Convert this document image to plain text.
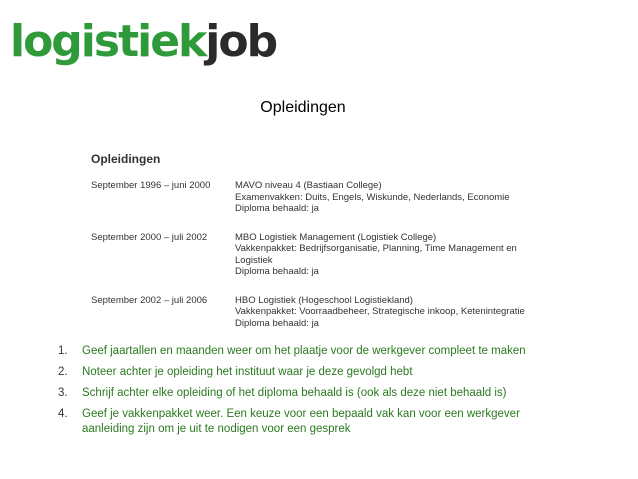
logistiekjob
Opleidingen
Opleidingen
September 1996 – juni 2000	MAVO niveau 4 (Bastiaan College)
Examenvakken: Duits, Engels, Wiskunde, Nederlands, Economie
Diploma behaald: ja
September 2000 – juli 2002	MBO Logistiek Management (Logistiek College)
Vakkenpakket: Bedrijfsorganisatie, Planning, Time Management en Logistiek
Diploma behaald: ja
September 2002 – juli 2006	HBO Logistiek (Hogeschool Logistiekland)
Vakkenpakket: Voorraadbeheer, Strategische inkoop, Ketenintegratie
Diploma behaald: ja
1.	Geef jaartallen en maanden weer om het plaatje voor de werkgever compleet te maken
2.	Noteer achter je opleiding het instituut waar je deze gevolgd hebt
3.	Schrijf achter elke opleiding of het diploma behaald is (ook als deze niet behaald is)
4.	Geef je vakkenpakket weer. Een keuze voor een bepaald vak kan voor een werkgever aanleiding zijn om je uit te nodigen voor een gesprek
